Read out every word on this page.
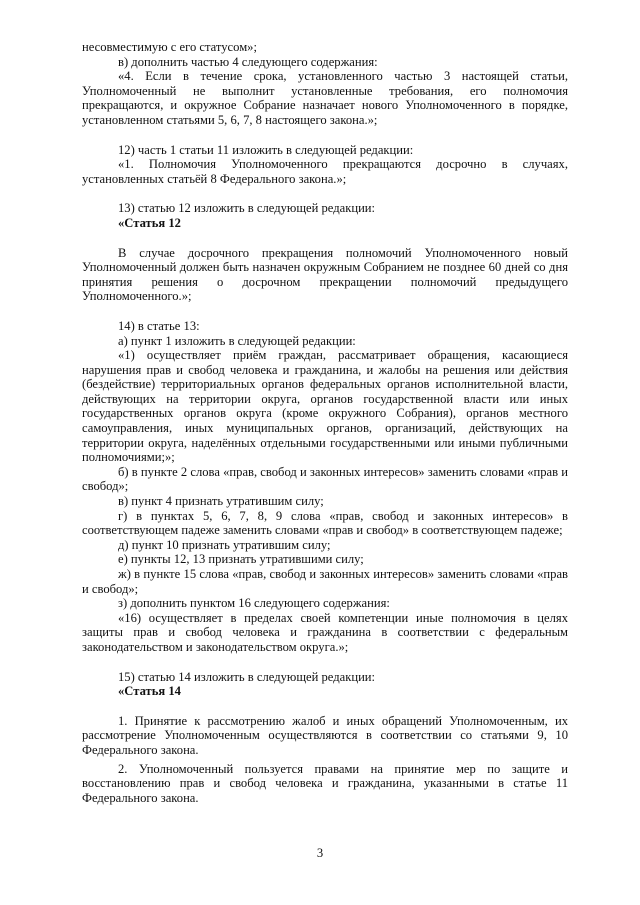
несовместимую с его статусом»;

в) дополнить частью 4 следующего содержания:

«4. Если в течение срока, установленного частью 3 настоящей статьи, Уполномоченный не выполнит установленные требования, его полномочия прекращаются, и окружное Собрание назначает нового Уполномоченного в порядке, установленном статьями 5, 6, 7, 8 настоящего закона.»;

12) часть 1 статьи 11 изложить в следующей редакции:

«1. Полномочия Уполномоченного прекращаются досрочно в случаях, установленных статьёй 8 Федерального закона.»;

13) статью 12 изложить в следующей редакции:

«Статья 12

В случае досрочного прекращения полномочий Уполномоченного новый Уполномоченный должен быть назначен окружным Собранием не позднее 60 дней со дня принятия решения о досрочном прекращении полномочий предыдущего Уполномоченного.»;

14) в статье 13:

а) пункт 1 изложить в следующей редакции:

«1) осуществляет приём граждан, рассматривает обращения, касающиеся нарушения прав и свобод человека и гражданина, и жалобы на решения или действия (бездействие) территориальных органов федеральных органов исполнительной власти, действующих на территории округа, органов государственной власти или иных государственных органов округа (кроме окружного Собрания), органов местного самоуправления, иных муниципальных органов, организаций, действующих на территории округа, наделённых отдельными государственными или иными публичными полномочиями;»;

б) в пункте 2 слова «прав, свобод и законных интересов» заменить словами «прав и свобод»;

в) пункт 4 признать утратившим силу;

г) в пунктах 5, 6, 7, 8, 9 слова «прав, свобод и законных интересов» в соответствующем падеже заменить словами «прав и свобод» в соответствующем падеже;

д) пункт 10 признать утратившим силу;

е) пункты 12, 13 признать утратившими силу;

ж) в пункте 15 слова «прав, свобод и законных интересов» заменить словами «прав и свобод»;

з) дополнить пунктом 16 следующего содержания:

«16) осуществляет в пределах своей компетенции иные полномочия в целях защиты прав и свобод человека и гражданина в соответствии с федеральным законодательством и законодательством округа.»;

15) статью 14 изложить в следующей редакции:

«Статья 14

1. Принятие к рассмотрению жалоб и иных обращений Уполномоченным, их рассмотрение Уполномоченным осуществляются в соответствии со статьями 9, 10 Федерального закона.

2. Уполномоченный пользуется правами на принятие мер по защите и восстановлению прав и свобод человека и гражданина, указанными в статье 11 Федерального закона.

3
